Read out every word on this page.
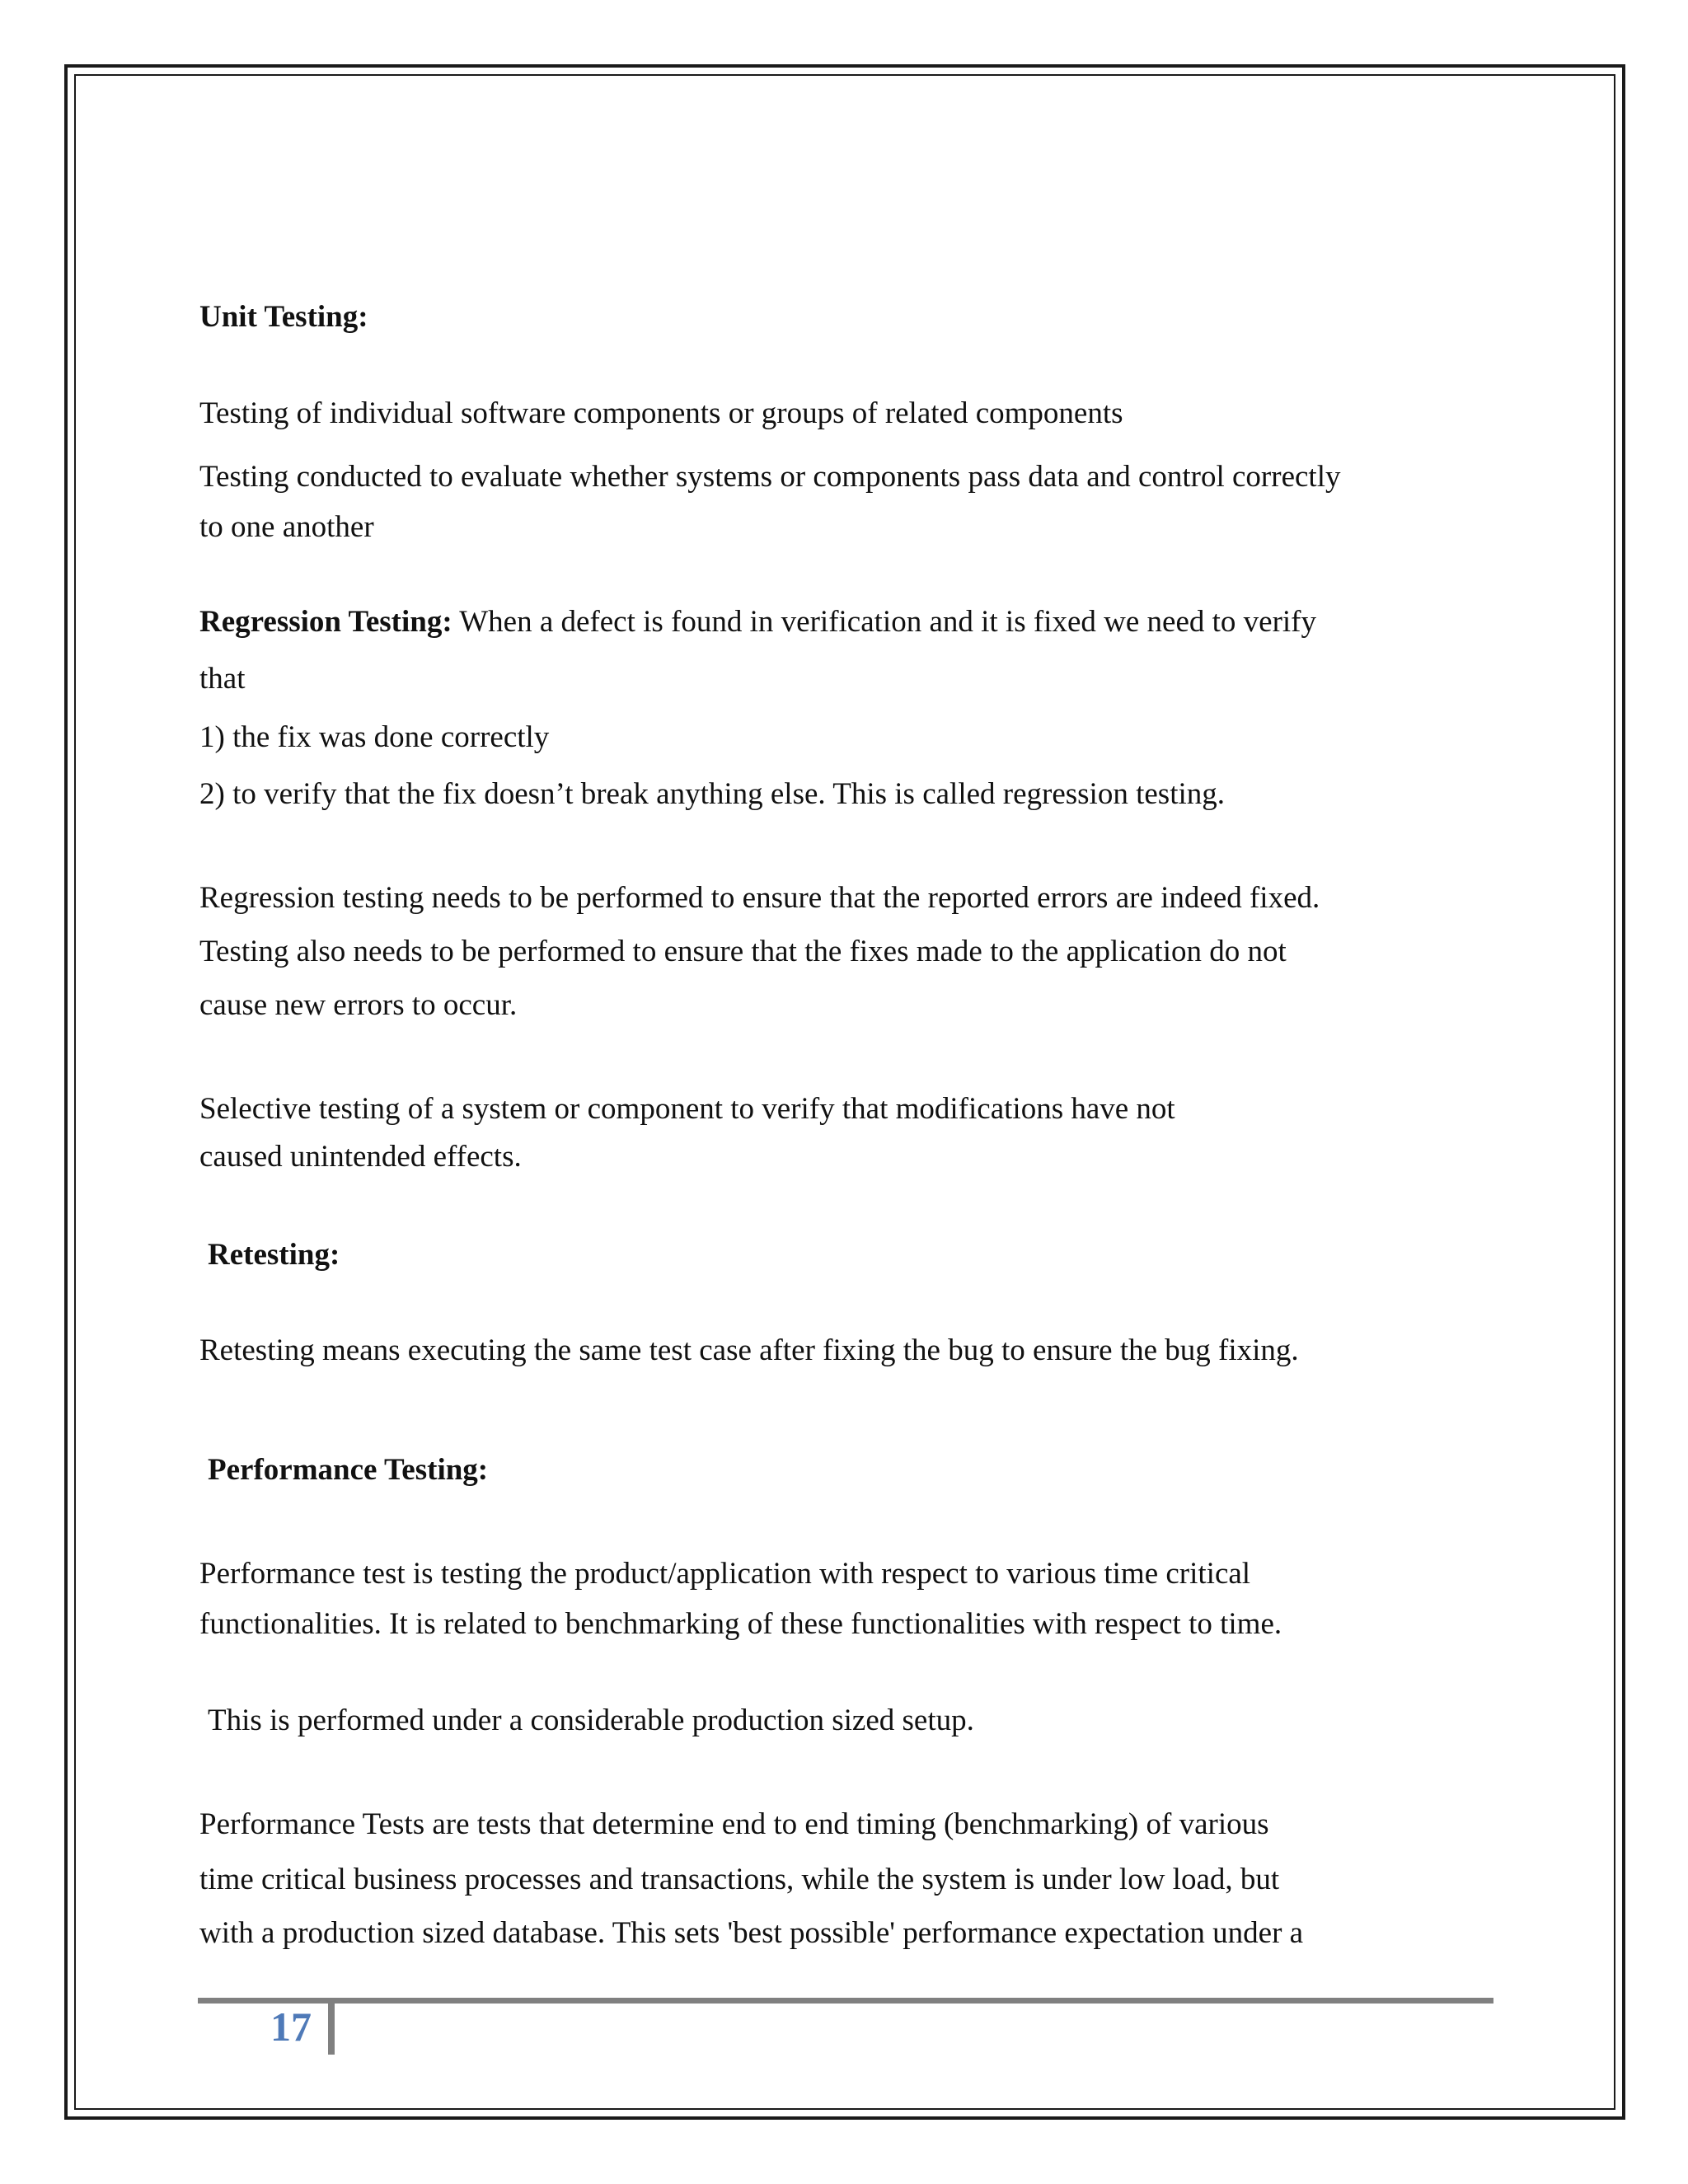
Unit Testing:

Testing of individual software components or groups of related components

Testing conducted to evaluate whether systems or components pass data and control correctly

to one another

Regression Testing: When a defect is found in verification and it is fixed we need to verify

that

1) the fix was done correctly

2) to verify that the fix doesn’t break anything else. This is called regression testing.

Regression testing needs to be performed to ensure that the reported errors are indeed fixed.

Testing also needs to be performed to ensure that the fixes made to the application do not

cause new errors to occur.

Selective testing of a system or component to verify that modifications have not

caused unintended effects.

Retesting:

Retesting means executing the same test case after fixing the bug to ensure the bug fixing.

Performance Testing:

Performance test is testing the product/application with respect to various time critical

functionalities. It is related to benchmarking of these functionalities with respect to time.

This is performed under a considerable production sized setup.

Performance Tests are tests that determine end to end timing (benchmarking) of various

time critical business processes and transactions, while the system is under low load, but

with a production sized database. This sets 'best possible' performance expectation under a

17
